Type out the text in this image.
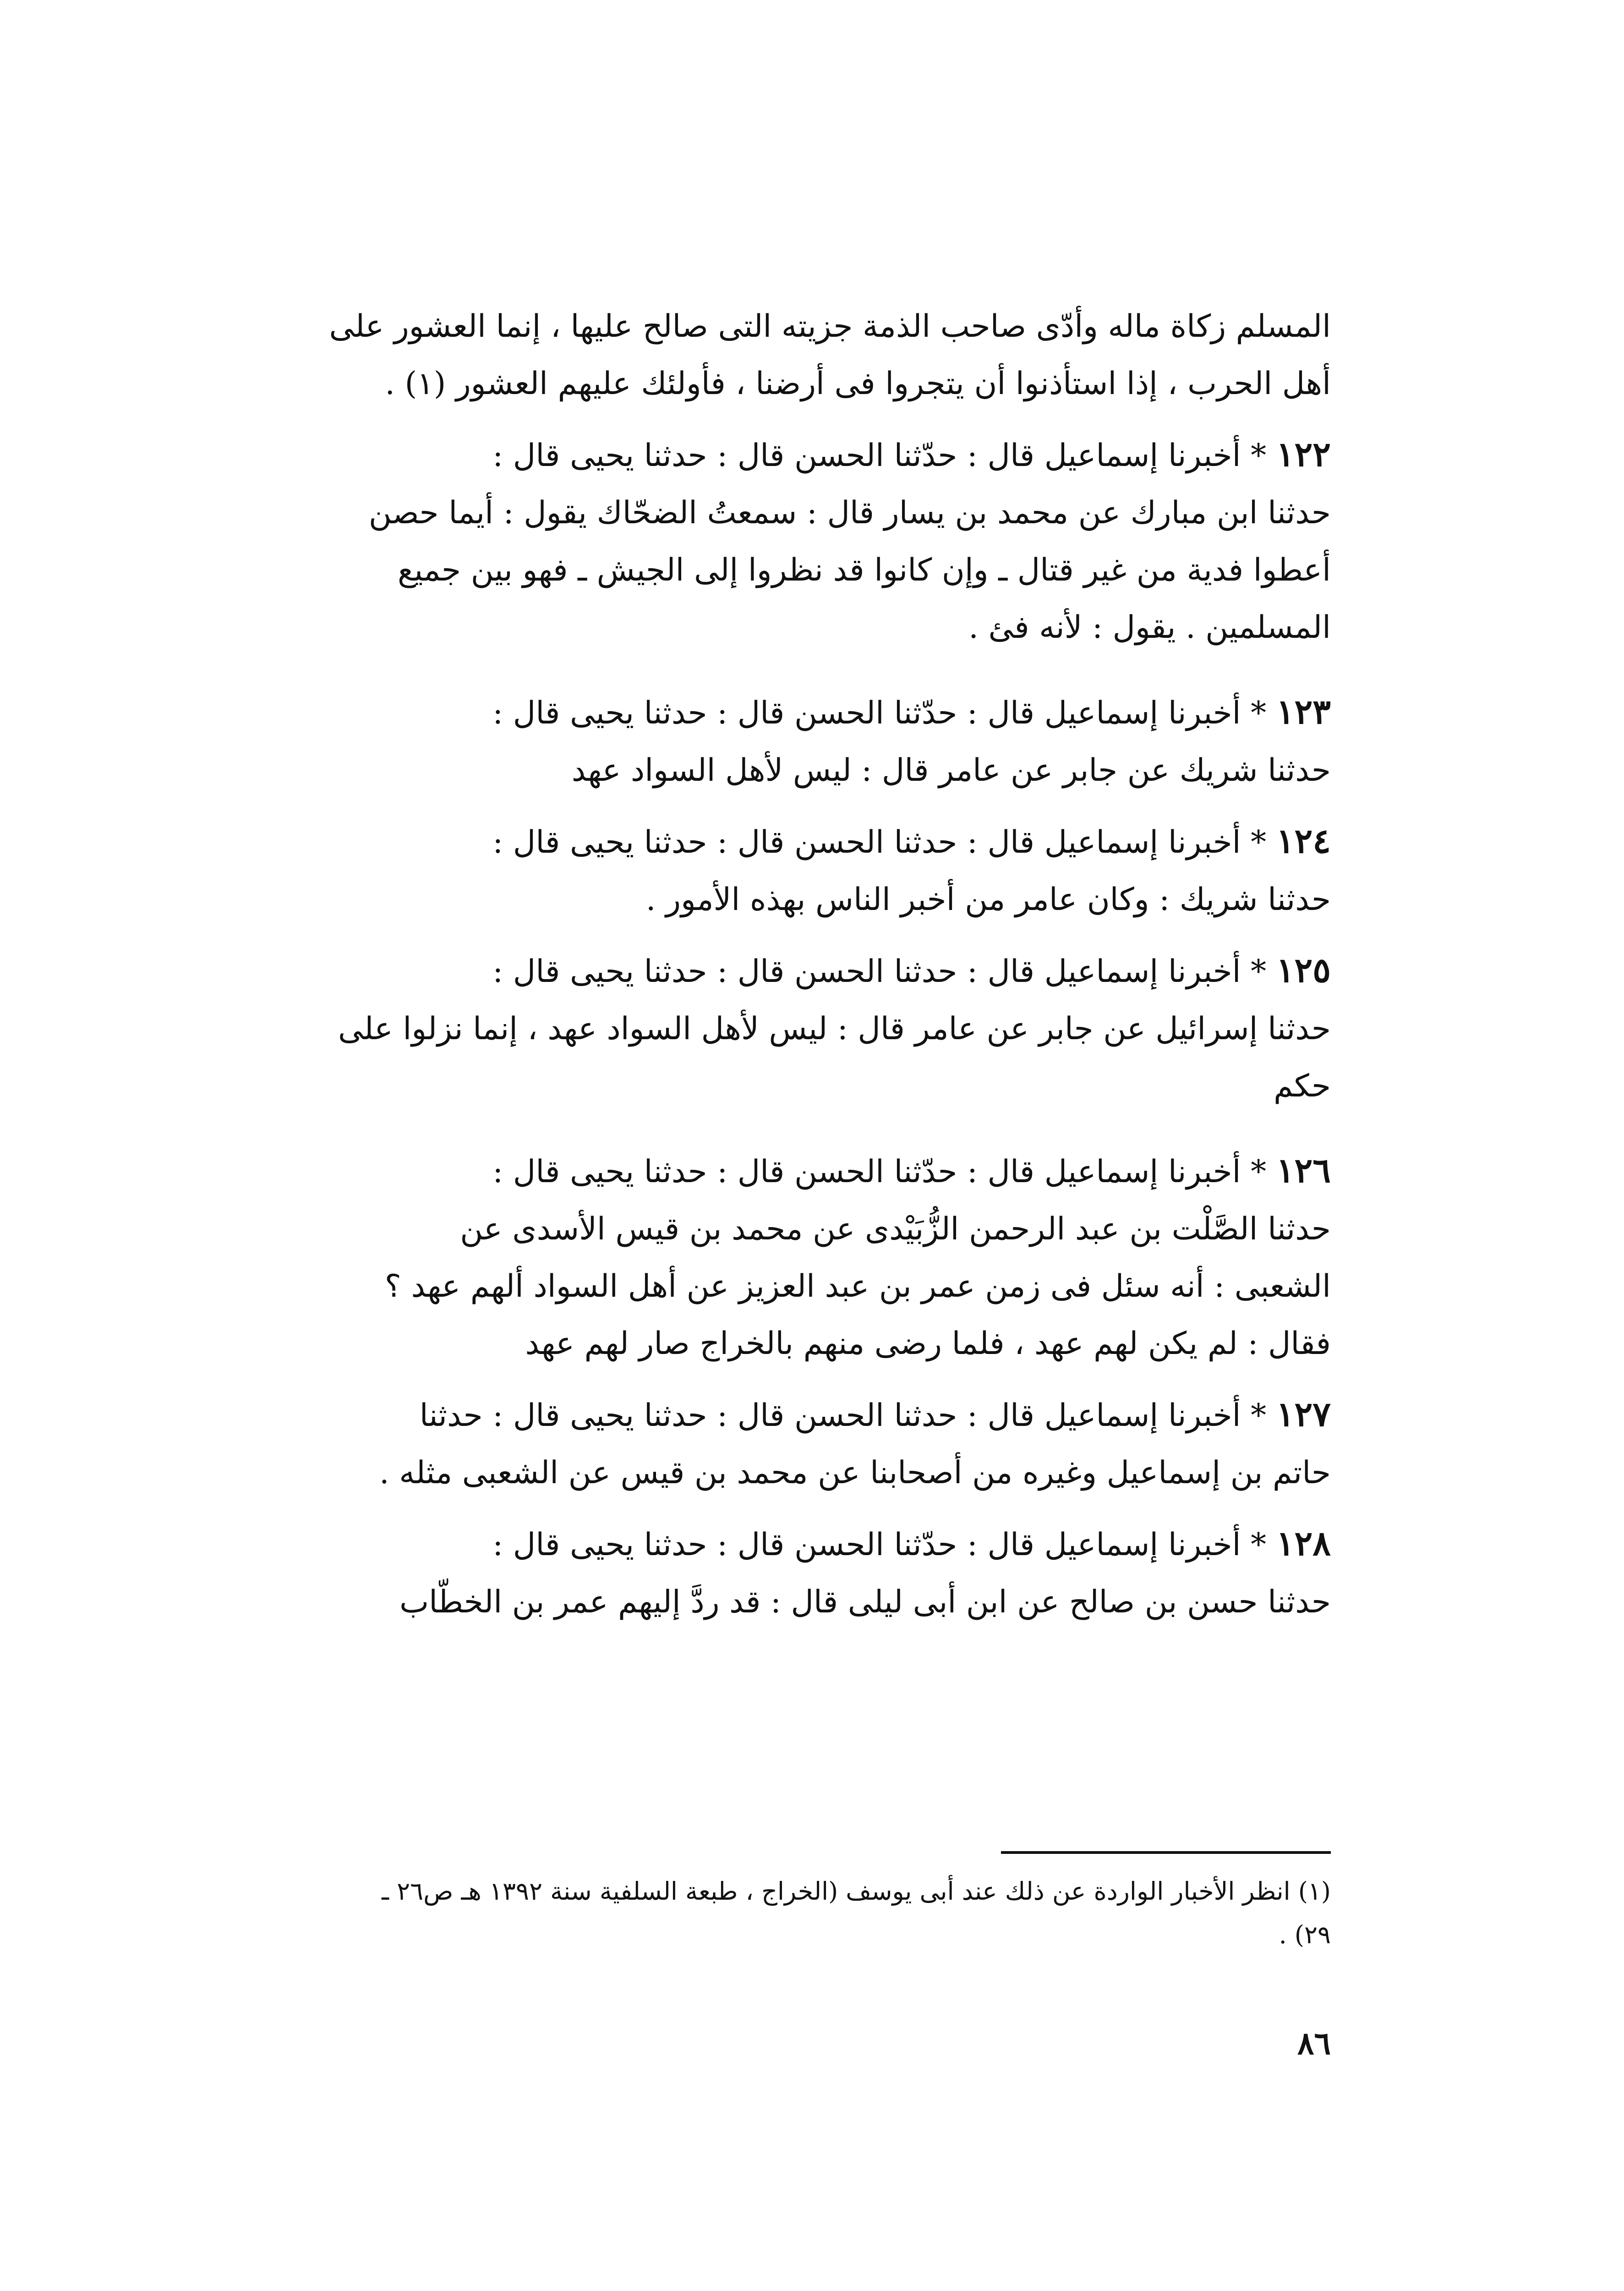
المسلم زكاة ماله وأدّى صاحب الذمة جزيته التى صالح عليها ، إنما العشور على
أهل الحرب ، إذا استأذنوا أن يتجروا فى أرضنا ، فأولئك عليهم العشور (١) .
١٢٢ * أخبرنا إسماعيل قال : حدّثنا الحسن قال : حدثنا يحيى قال :
حدثنا ابن مبارك عن محمد بن يسار قال : سمعتُ الضحّاك يقول : أيما حصن
أعطوا فدية من غير قتال ـ وإن كانوا قد نظروا إلى الجيش ـ فهو بين جميع
المسلمين . يقول : لأنه فئ .
١٢٣ * أخبرنا إسماعيل قال : حدّثنا الحسن قال : حدثنا يحيى قال :
حدثنا شريك عن جابر عن عامر قال : ليس لأهل السواد عهد
١٢٤ * أخبرنا إسماعيل قال : حدثنا الحسن قال : حدثنا يحيى قال :
حدثنا شريك : وكان عامر من أخبر الناس بهذه الأمور .
١٢٥ * أخبرنا إسماعيل قال : حدثنا الحسن قال : حدثنا يحيى قال :
حدثنا إسرائيل عن جابر عن عامر قال : ليس لأهل السواد عهد ، إنما نزلوا على
حكم
١٢٦ * أخبرنا إسماعيل قال : حدّثنا الحسن قال : حدثنا يحيى قال :
حدثنا الصَّلْت بن عبد الرحمن الزُّبَيْدى عن محمد بن قيس الأسدى عن
الشعبى : أنه سئل فى زمن عمر بن عبد العزيز عن أهل السواد ألهم عهد ؟
فقال : لم يكن لهم عهد ، فلما رضى منهم بالخراج صار لهم عهد
١٢٧ * أخبرنا إسماعيل قال : حدثنا الحسن قال : حدثنا يحيى قال : حدثنا
حاتم بن إسماعيل وغيره من أصحابنا عن محمد بن قيس عن الشعبى مثله .
١٢٨ * أخبرنا إسماعيل قال : حدّثنا الحسن قال : حدثنا يحيى قال :
حدثنا حسن بن صالح عن ابن أبى ليلى قال : قد ردَّ إليهم عمر بن الخطّاب
(١) انظر الأخبار الواردة عن ذلك عند أبى يوسف (الخراج ، طبعة السلفية سنة ١٣٩٢ هـ ص٢٦ ـ
٢٩) .
٨٦
